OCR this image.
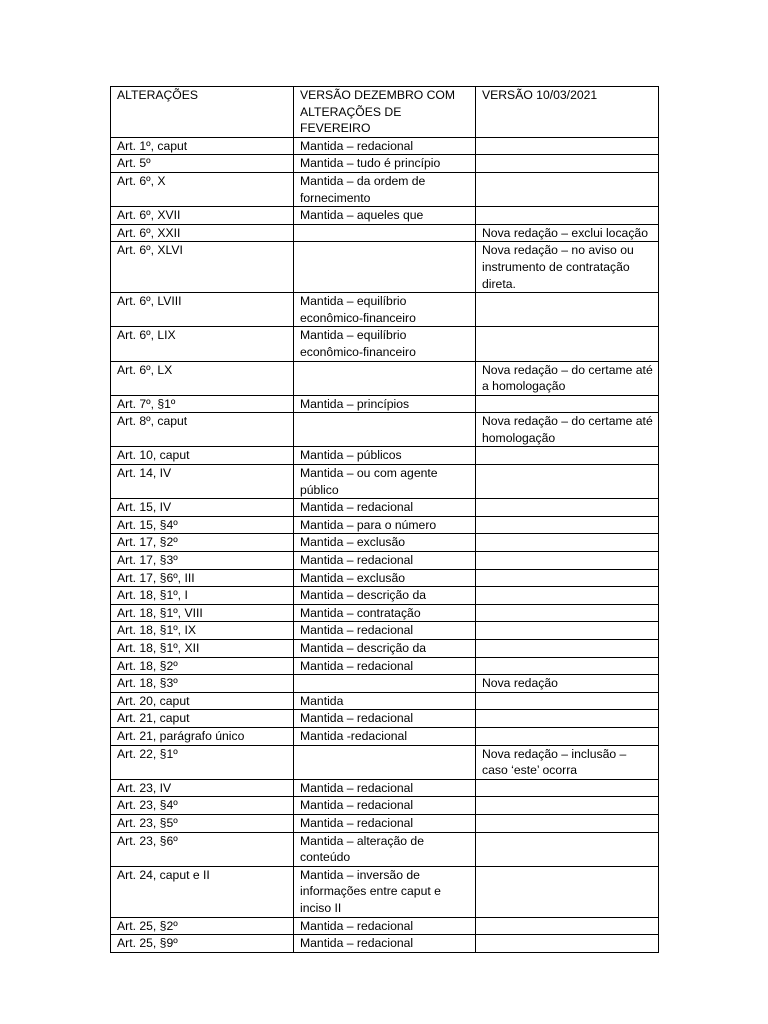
ALTERAÇÕES	VERSÃO DEZEMBRO COM ALTERAÇÕES DE FEVEREIRO	VERSÃO 10/03/2021
Art. 1º, caput	Mantida – redacional	
Art. 5º	Mantida – tudo é princípio	
Art. 6º, X	Mantida – da ordem de fornecimento	
Art. 6º, XVII	Mantida – aqueles que	
Art. 6º, XXII		Nova redação – exclui locação
Art. 6º, XLVI		Nova redação – no aviso ou instrumento de contratação direta.
Art. 6º, LVIII	Mantida – equilíbrio econômico-financeiro	
Art. 6º, LIX	Mantida – equilíbrio econômico-financeiro	
Art. 6º, LX		Nova redação – do certame até a homologação
Art. 7º, §1º	Mantida – princípios	
Art. 8º, caput		Nova redação – do certame até homologação
Art. 10, caput	Mantida – públicos	
Art. 14, IV	Mantida – ou com agente público	
Art. 15, IV	Mantida – redacional	
Art. 15, §4º	Mantida – para o número	
Art. 17, §2º	Mantida – exclusão	
Art. 17, §3º	Mantida – redacional	
Art. 17, §6º, III	Mantida – exclusão	
Art. 18, §1º, I	Mantida – descrição da	
Art. 18, §1º, VIII	Mantida – contratação	
Art. 18, §1º, IX	Mantida – redacional	
Art. 18, §1º, XII	Mantida – descrição da	
Art. 18, §2º	Mantida – redacional	
Art. 18, §3º		Nova redação
Art. 20, caput	Mantida	
Art. 21, caput	Mantida – redacional	
Art. 21, parágrafo único	Mantida -redacional	
Art. 22, §1º		Nova redação – inclusão – caso ‘este’ ocorra
Art. 23, IV	Mantida – redacional	
Art. 23, §4º	Mantida – redacional	
Art. 23, §5º	Mantida – redacional	
Art. 23, §6º	Mantida – alteração de conteúdo	
Art. 24, caput e II	Mantida – inversão de informações entre caput e inciso II	
Art. 25, §2º	Mantida – redacional	
Art. 25, §9º	Mantida – redacional	
